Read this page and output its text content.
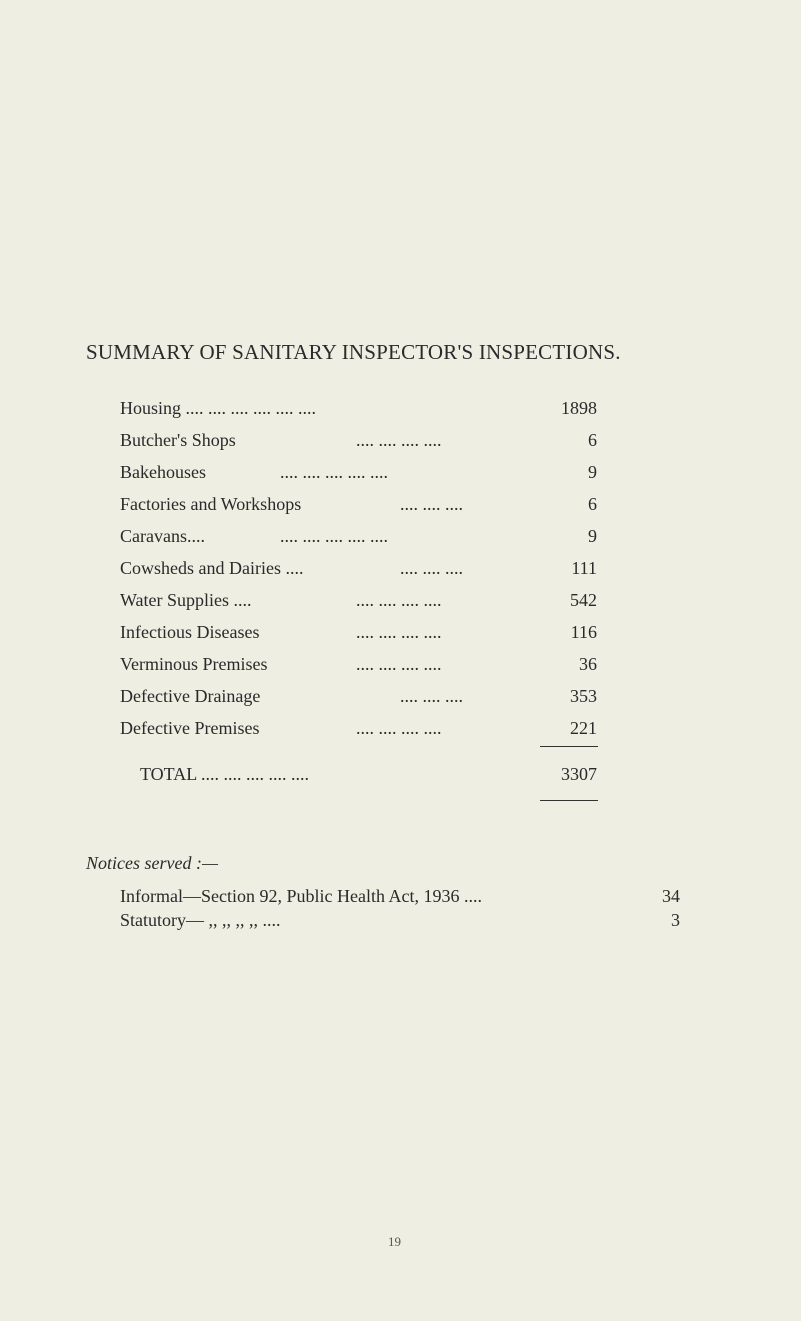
SUMMARY OF SANITARY INSPECTOR'S INSPECTIONS.
Housing .... .... .... .... .... ....	1898
Butcher's Shops	.... .... .... ....	6
Bakehouses	.... .... .... .... ....	9
Factories and Workshops	.... .... ....	6
Caravans....	.... .... .... .... ....	9
Cowsheds and Dairies ....	.... .... ....	111
Water Supplies ....	.... .... .... ....	542
Infectious Diseases	.... .... .... ....	116
Verminous Premises	.... .... .... ....	36
Defective Drainage	.... .... ....	353
Defective Premises	.... .... .... ....	221
TOTAL .... .... .... .... ....	3307
Notices served :—
Informal—Section 92, Public Health Act, 1936 ....	34
Statutory— ,, ,, ,, ,, ....	3
19
